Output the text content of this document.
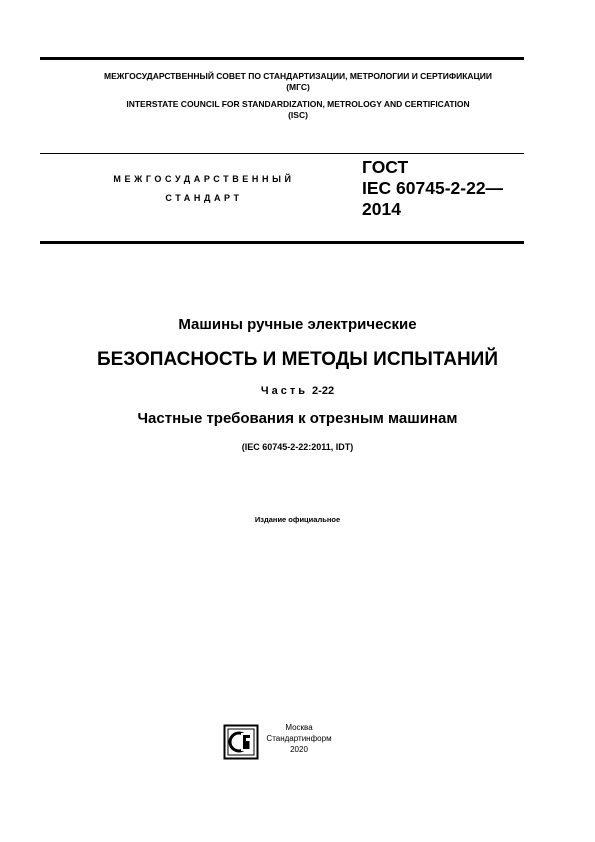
МЕЖГОСУДАРСТВЕННЫЙ СОВЕТ ПО СТАНДАРТИЗАЦИИ, МЕТРОЛОГИИ И СЕРТИФИКАЦИИ
(МГС)
INTERSTATE COUNCIL FOR STANDARDIZATION, METROLOGY AND CERTIFICATION
(ISC)
МЕЖГОСУДАРСТВЕННЫЙ
СТАНДАРТ
ГОСТ
IEC 60745-2-22—
2014
Машины ручные электрические
БЕЗОПАСНОСТЬ И МЕТОДЫ ИСПЫТАНИЙ
Часть 2-22
Частные требования к отрезным машинам
(IEC 60745-2-22:2011, IDT)
Издание официальное
Москва
Стандартинформ
2020
